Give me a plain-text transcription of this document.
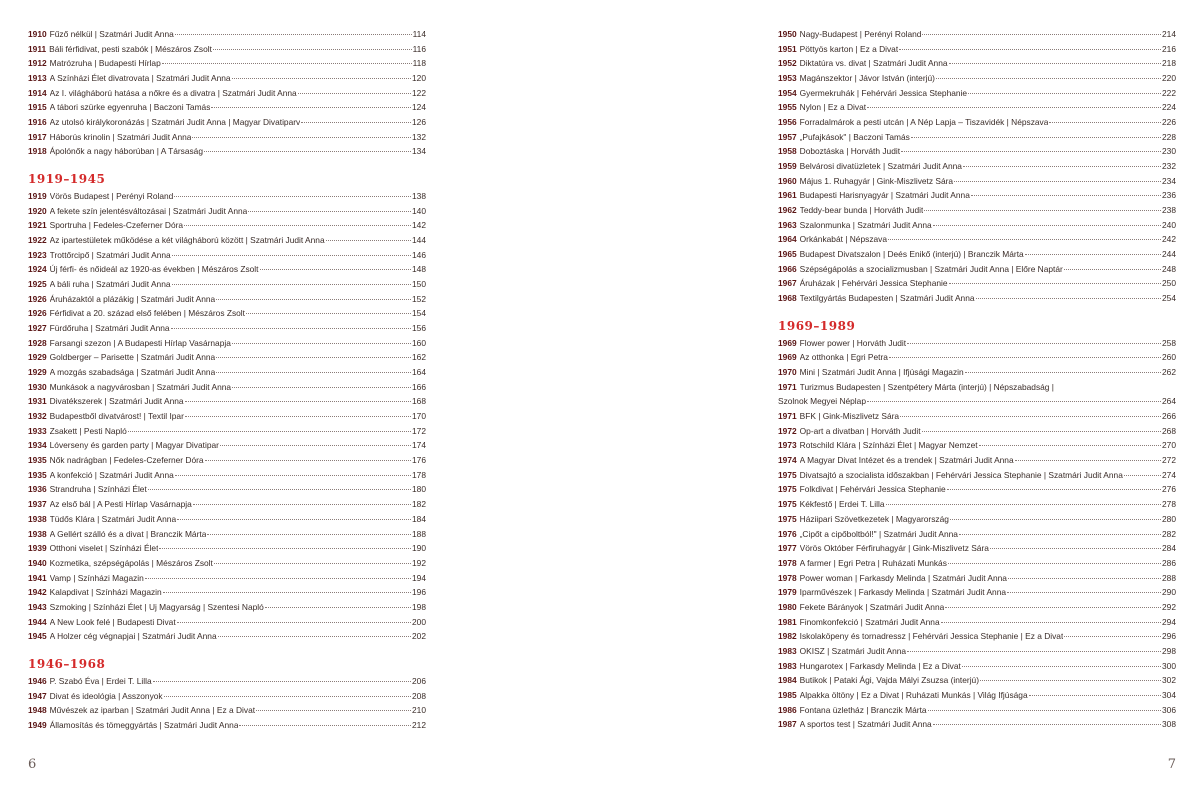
1910 Fűző nélkül | Szatmári Judit Anna	114
1911 Báli férfidivat, pesti szabók | Mészáros Zsolt	116
1912 Matrózruha | Budapesti Hírlap	118
1913 A Színházi Élet divatrovata | Szatmári Judit Anna	120
1914 Az I. világháború hatása a nőkre és a divatra | Szatmári Judit Anna	122
1915 A tábori szürke egyenruha | Baczoni Tamás	124
1916 Az utolsó királykoronázás | Szatmári Judit Anna | Magyar Divatiparv	126
1917 Háborús krinolin | Szatmári Judit Anna	132
1918 Ápolónők a nagy háborúban | A Társaság	134
1919–1945
1919 Vörös Budapest | Perényi Roland	138
1920 A fekete szín jelentésváltozásai | Szatmári Judit Anna	140
1921 Sportruha | Fedeles-Czeferner Dóra	142
1922 Az ipartestületek működése a két világháború között | Szatmári Judit Anna	144
1923 Trottőrcipő | Szatmári Judit Anna	146
1924 Új férfi- és nőideál az 1920-as években | Mészáros Zsolt	148
1925 A báli ruha | Szatmári Judit Anna	150
1926 Áruházaktól a plázákig | Szatmári Judit Anna	152
1926 Férfidivat a 20. század első felében | Mészáros Zsolt	154
1927 Fürdőruha | Szatmári Judit Anna	156
1928 Farsangi szezon | A Budapesti Hírlap Vasárnapja	160
1929 Goldberger – Parisette | Szatmári Judit Anna	162
1929 A mozgás szabadsága | Szatmári Judit Anna	164
1930 Munkások a nagyvárosban | Szatmári Judit Anna	166
1931 Divatékszerek | Szatmári Judit Anna	168
1932 Budapestből divatvárost! | Textil Ipar	170
1933 Zsakett | Pesti Napló	172
1934 Lóverseny és garden party | Magyar Divatipar	174
1935 Nők nadrágban | Fedeles-Czeferner Dóra	176
1935 A konfekció | Szatmári Judit Anna	178
1936 Strandruha | Színházi Élet	180
1937 Az első bál | A Pesti Hírlap Vasárnapja	182
1938 Tüdős Klára | Szatmári Judit Anna	184
1938 A Gellért szálló és a divat | Branczik Márta	188
1939 Otthoni viselet | Színházi Élet	190
1940 Kozmetika, szépségápolás | Mészáros Zsolt	192
1941 Vamp | Színházi Magazin	194
1942 Kalapdivat | Színházi Magazin	196
1943 Szmoking | Színházi Élet | Uj Magyarság | Szentesi Napló	198
1944 A New Look felé | Budapesti Divat	200
1945 A Holzer cég végnapjai | Szatmári Judit Anna	202
1946–1968
1946 P. Szabó Éva | Erdei T. Lilla	206
1947 Divat és ideológia | Asszonyok	208
1948 Művészek az iparban | Szatmári Judit Anna | Ez a Divat	210
1949 Államosítás és tömeggyártás | Szatmári Judit Anna	212
6
1950 Nagy-Budapest | Perényi Roland	214
1951 Pöttyös karton | Ez a Divat	216
1952 Diktatúra vs. divat | Szatmári Judit Anna	218
1953 Magánszektor | Jávor István (interjú)	220
1954 Gyermekruhák | Fehérvári Jessica Stephanie	222
1955 Nylon | Ez a Divat	224
1956 Forradalmárok a pesti utcán | A Nép Lapja – Tiszavidék | Népszava	226
1957 „Pufajkások" | Baczoni Tamás	228
1958 Doboztáska | Horváth Judit	230
1959 Belvárosi divatüzletek | Szatmári Judit Anna	232
1960 Május 1. Ruhagyár | Gink-Miszlivetz Sára	234
1961 Budapesti Harisnyagyár | Szatmári Judit Anna	236
1962 Teddy-bear bunda | Horváth Judit	238
1963 Szalonmunka | Szatmári Judit Anna	240
1964 Orkánkabát | Népszava	242
1965 Budapest Divatszalon | Deés Enikő (interjú) | Branczik Márta	244
1966 Szépségápolás a szocializmusban | Szatmári Judit Anna | Előre Naptár	248
1967 Áruházak | Fehérvári Jessica Stephanie	250
1968 Textilgyártás Budapesten | Szatmári Judit Anna	254
1969–1989
1969 Flower power | Horváth Judit	258
1969 Az otthonka | Egri Petra	260
1970 Mini | Szatmári Judit Anna | Ifjúsági Magazin	262
1971 Turizmus Budapesten | Szentpétery Márta (interjú) | Népszabadság |
Szolnok Megyei Néplap	264
1971 BFK | Gink-Miszlivetz Sára	266
1972 Op-art a divatban | Horváth Judit	268
1973 Rotschild Klára | Színházi Élet | Magyar Nemzet	270
1974 A Magyar Divat Intézet és a trendek | Szatmári Judit Anna	272
1975 Divatsajtó a szocialista időszakban | Fehérvári Jessica Stephanie | Szatmári Judit Anna	274
1975 Folkdivat | Fehérvári Jessica Stephanie	276
1975 Kékfestő | Erdei T. Lilla	278
1975 Háziipari Szövetkezetek | Magyarország	280
1976 „Cipőt a cipőboltból!" | Szatmári Judit Anna	282
1977 Vörös Október Férfiruhagyár | Gink-Miszlivetz Sára	284
1978 A farmer | Egri Petra | Ruházati Munkás	286
1978 Power woman | Farkasdy Melinda | Szatmári Judit Anna	288
1979 Iparművészek | Farkasdy Melinda | Szatmári Judit Anna	290
1980 Fekete Bárányok | Szatmári Judit Anna	292
1981 Finomkonfekció | Szatmári Judit Anna	294
1982 Iskolaköpeny és tornadressz | Fehérvári Jessica Stephanie | Ez a Divat	296
1983 OKISZ | Szatmári Judit Anna	298
1983 Hungarotex | Farkasdy Melinda | Ez a Divat	300
1984 Butikok | Pataki Ági, Vajda Mályi Zsuzsa (interjú)	302
1985 Alpakka öltöny | Ez a Divat | Ruházati Munkás | Világ Ifjúsága	304
1986 Fontana üzletház | Branczik Márta	306
1987 A sportos test | Szatmári Judit Anna	308
7
